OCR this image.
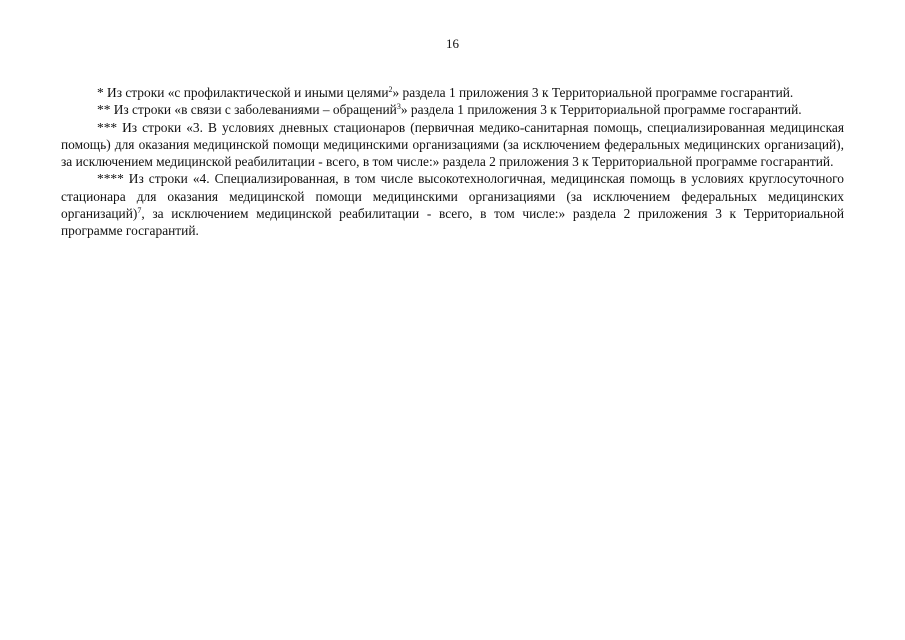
16

* Из строки «с профилактической и иными целями$^2$» раздела 1 приложения 3 к Территориальной программе госгарантий.

** Из строки «в связи с заболеваниями – обращений$^3$» раздела 1 приложения 3 к Территориальной программе госгарантий.

*** Из строки «3. В условиях дневных стационаров (первичная медико-санитарная помощь, специализированная медицинская помощь) для оказания медицинской помощи медицинскими организациями (за исключением федеральных медицинских организаций), за исключением медицинской реабилитации - всего, в том числе:» раздела 2 приложения 3 к Территориальной программе госгарантий.

**** Из строки «4. Специализированная, в том числе высокотехнологичная, медицинская помощь в условиях круглосуточного стационара для оказания медицинской помощи медицинскими организациями (за исключением федеральных медицинских организаций)$^7$, за исключением медицинской реабилитации - всего, в том числе:» раздела 2 приложения 3 к Территориальной программе госгарантий.
